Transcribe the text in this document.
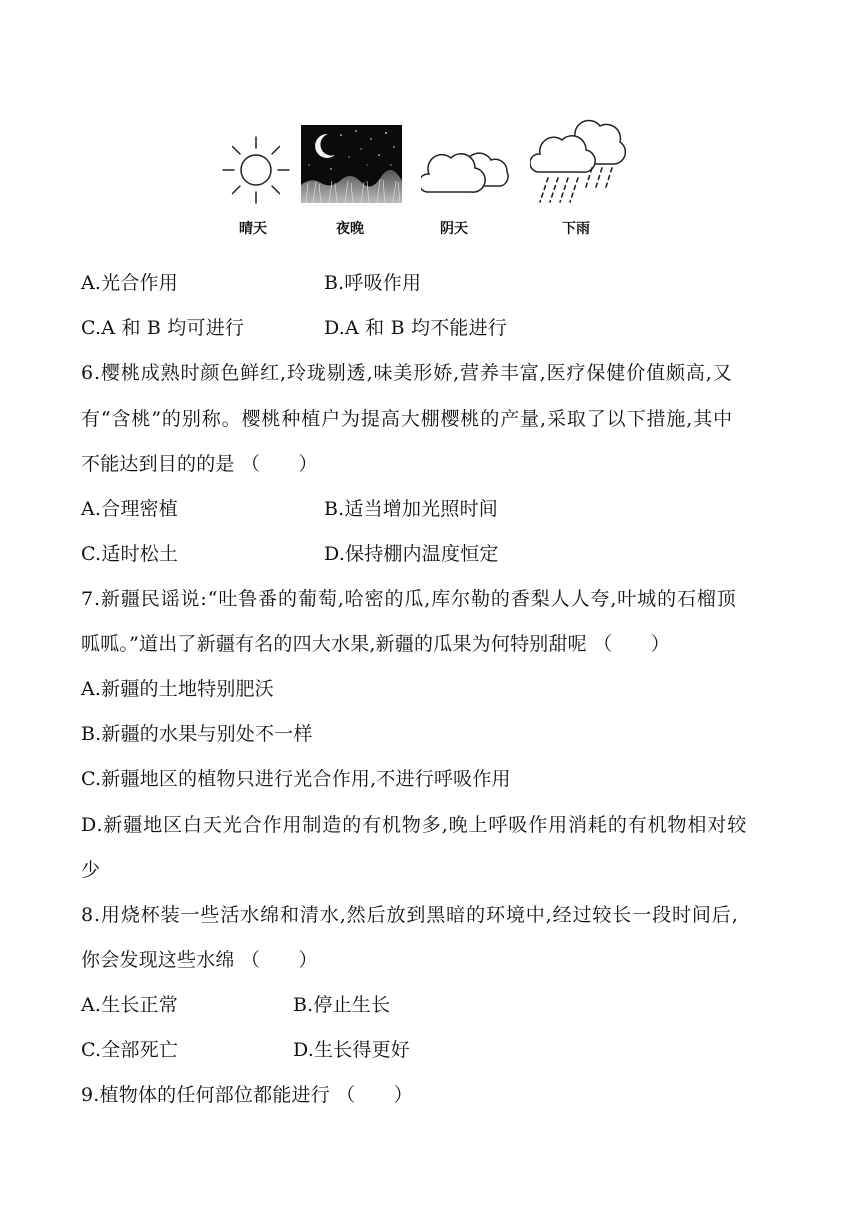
晴天	夜晚	阴天	下雨
A.光合作用	B.呼吸作用
C.A 和 B 均可进行	D.A 和 B 均不能进行
6.樱桃成熟时颜色鲜红,玲珑剔透,味美形娇,营养丰富,医疗保健价值颇高,又
有“含桃”的别称。樱桃种植户为提高大棚樱桃的产量,采取了以下措施,其中
不能达到目的的是 （　　）
A.合理密植	B.适当增加光照时间
C.适时松土	D.保持棚内温度恒定
7.新疆民谣说:“吐鲁番的葡萄,哈密的瓜,库尔勒的香梨人人夸,叶城的石榴顶
呱呱。”道出了新疆有名的四大水果,新疆的瓜果为何特别甜呢 （　　）
A.新疆的土地特别肥沃
B.新疆的水果与别处不一样
C.新疆地区的植物只进行光合作用,不进行呼吸作用
D.新疆地区白天光合作用制造的有机物多,晚上呼吸作用消耗的有机物相对较
少
8.用烧杯装一些活水绵和清水,然后放到黑暗的环境中,经过较长一段时间后,
你会发现这些水绵 （　　）
A.生长正常	B.停止生长
C.全部死亡	D.生长得更好
9.植物体的任何部位都能进行 （　　）
